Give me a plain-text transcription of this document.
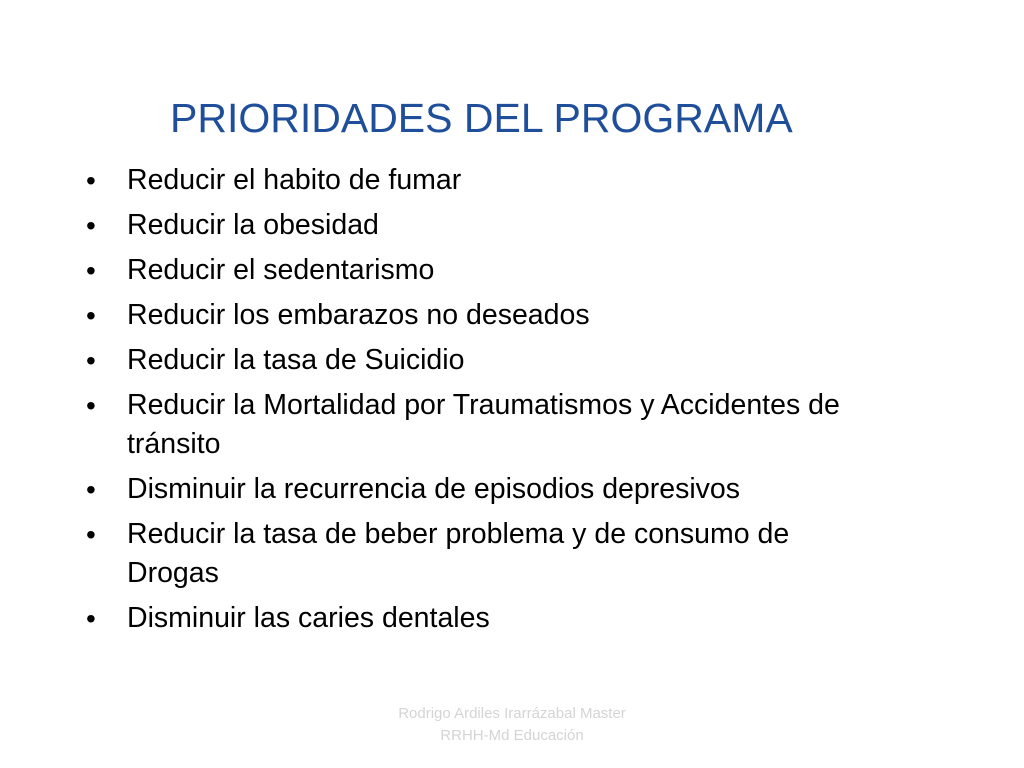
PRIORIDADES DEL PROGRAMA
• Reducir el habito de fumar
• Reducir la obesidad
• Reducir el sedentarismo
• Reducir los embarazos no deseados
• Reducir la tasa de Suicidio
• Reducir la Mortalidad por Traumatismos y Accidentes de tránsito
• Disminuir la recurrencia de episodios depresivos
• Reducir la tasa de beber problema y de consumo de Drogas
• Disminuir las caries dentales
Rodrigo Ardiles Irarrázabal Master
RRHH-Md Educación
